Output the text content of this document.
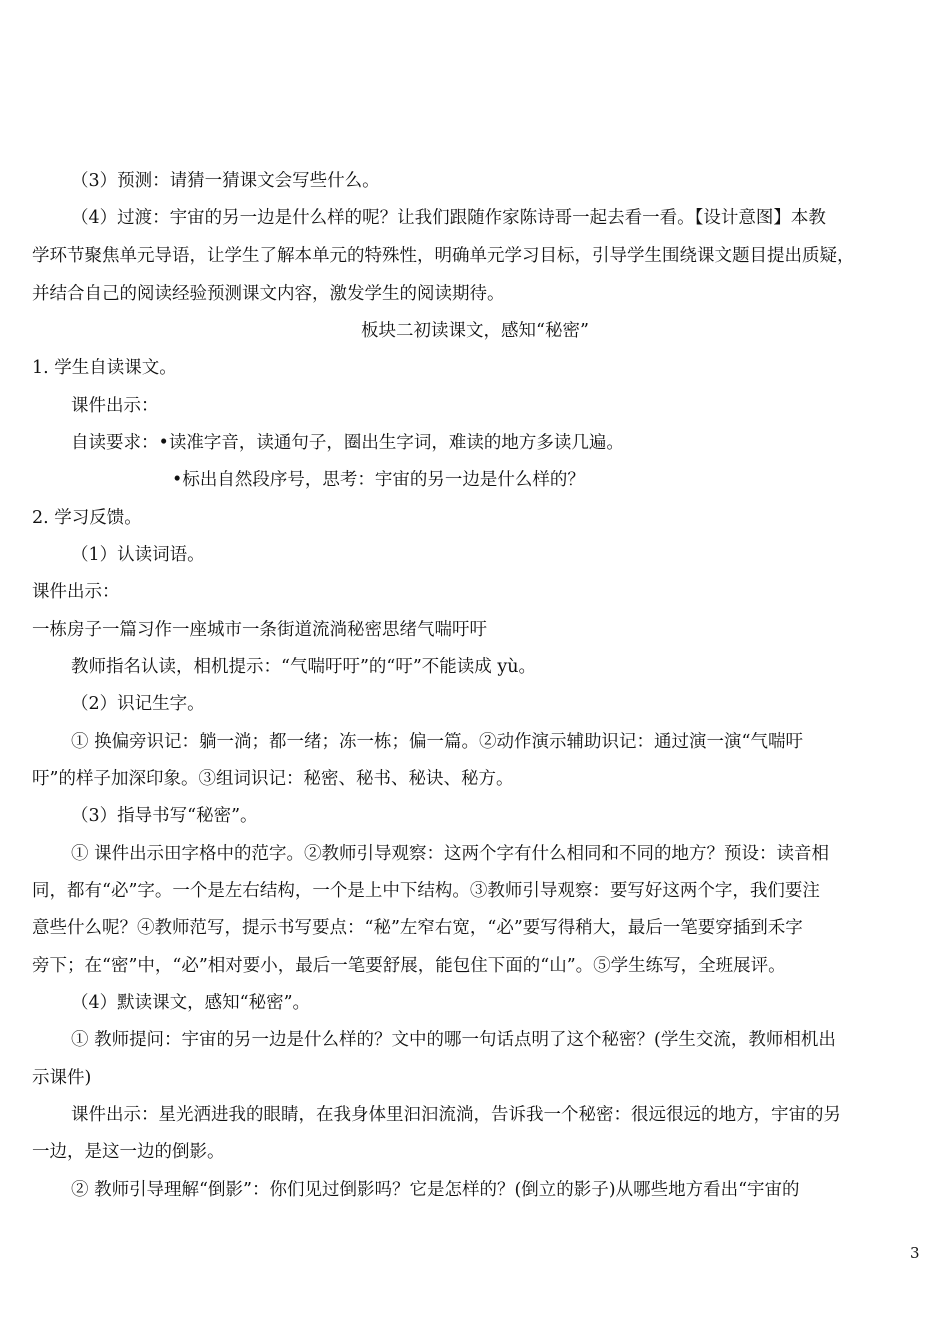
（3）预测：请猜一猜课文会写些什么。
（4）过渡：宇宙的另一边是什么样的呢？让我们跟随作家陈诗哥一起去看一看。【设计意图】本教
学环节聚焦单元导语，让学生了解本单元的特殊性，明确单元学习目标，引导学生围绕课文题目提出质疑，
并结合自己的阅读经验预测课文内容，激发学生的阅读期待。
板块二初读课文，感知“秘密”
1. 学生自读课文。
课件出示：
自读要求：•读准字音，读通句子，圈出生字词，难读的地方多读几遍。
•标出自然段序号，思考：宇宙的另一边是什么样的？
2. 学习反馈。
（1）认读词语。
课件出示：
一栋房子一篇习作一座城市一条街道流淌秘密思绪气喘吁吁
教师指名认读，相机提示：“气喘吁吁”的“吁”不能读成 yù。
（2）识记生字。
① 换偏旁识记：躺一淌；都一绪；冻一栋；偏一篇。②动作演示辅助识记：通过演一演“气喘吁
吁”的样子加深印象。③组词识记：秘密、秘书、秘诀、秘方。
（3）指导书写“秘密”。
① 课件出示田字格中的范字。②教师引导观察：这两个字有什么相同和不同的地方？预设：读音相
同，都有“必”字。一个是左右结构，一个是上中下结构。③教师引导观察：要写好这两个字，我们要注
意些什么呢？④教师范写，提示书写要点：“秘”左窄右宽，“必”要写得稍大，最后一笔要穿插到禾字
旁下；在“密”中，“必”相对要小，最后一笔要舒展，能包住下面的“山”。⑤学生练写，全班展评。
（4）默读课文，感知“秘密”。
① 教师提问：宇宙的另一边是什么样的？文中的哪一句话点明了这个秘密？(学生交流，教师相机出
示课件)
课件出示：星光洒进我的眼睛，在我身体里汩汩流淌，告诉我一个秘密：很远很远的地方，宇宙的另
一边，是这一边的倒影。
② 教师引导理解“倒影”：你们见过倒影吗？它是怎样的？(倒立的影子)从哪些地方看出“宇宙的
3
